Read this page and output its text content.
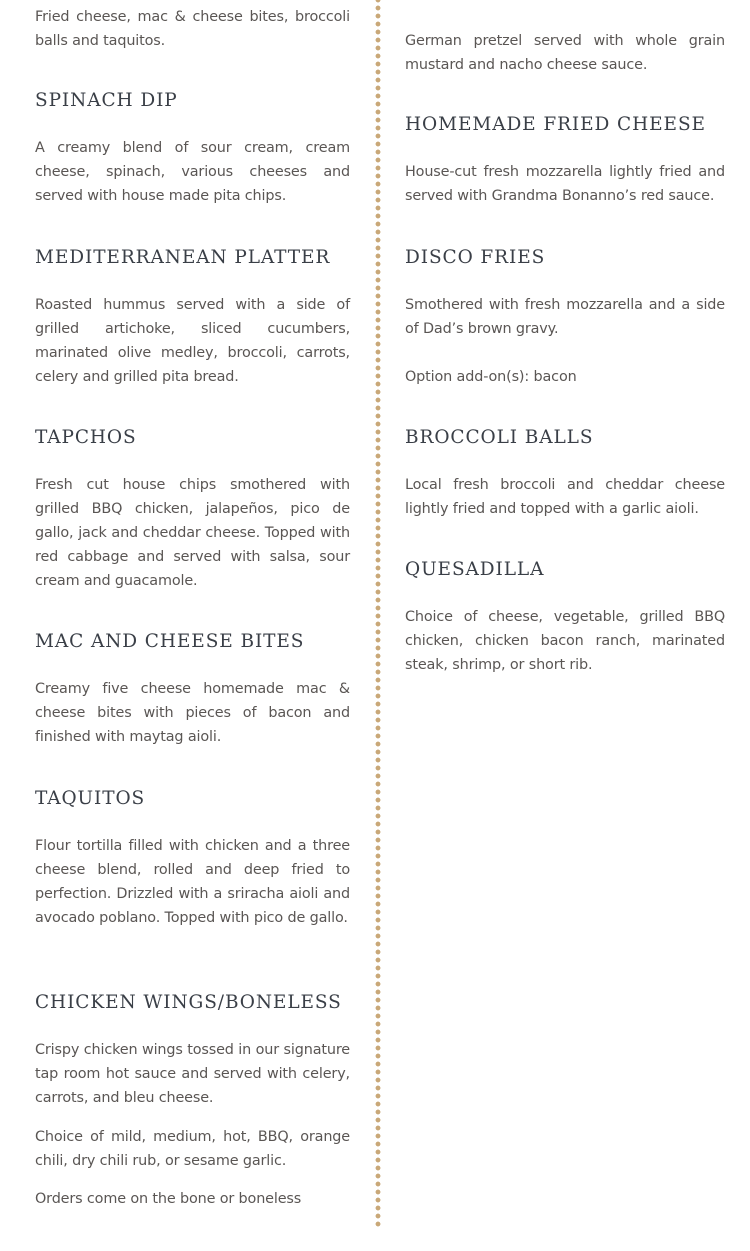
Fried cheese, mac & cheese bites, broccoli balls and taquitos.

SPINACH DIP

A creamy blend of sour cream, cream cheese, spinach, various cheeses and served with house made pita chips.

MEDITERRANEAN PLATTER

Roasted hummus served with a side of grilled artichoke, sliced cucumbers, marinated olive medley, broccoli, carrots, celery and grilled pita bread.

TAPCHOS

Fresh cut house chips smothered with grilled BBQ chicken, jalapeños, pico de gallo, jack and cheddar cheese. Topped with red cabbage and served with salsa, sour cream and guacamole.

MAC AND CHEESE BITES

Creamy five cheese homemade mac & cheese bites with pieces of bacon and finished with maytag aioli.

TAQUITOS

Flour tortilla filled with chicken and a three cheese blend, rolled and deep fried to perfection. Drizzled with a sriracha aioli and avocado poblano. Topped with pico de gallo.

CHICKEN WINGS/BONELESS

Crispy chicken wings tossed in our signature tap room hot sauce and served with celery, carrots, and bleu cheese.

Choice of mild, medium, hot, BBQ, orange chili, dry chili rub, or sesame garlic.

Orders come on the bone or boneless

German pretzel served with whole grain mustard and nacho cheese sauce.

HOMEMADE FRIED CHEESE

House-cut fresh mozzarella lightly fried and served with Grandma Bonanno’s red sauce.

DISCO FRIES

Smothered with fresh mozzarella and a side of Dad’s brown gravy.

Option add-on(s): bacon

BROCCOLI BALLS

Local fresh broccoli and cheddar cheese lightly fried and topped with a garlic aioli.

QUESADILLA

Choice of cheese, vegetable, grilled BBQ chicken, chicken bacon ranch, marinated steak, shrimp, or short rib.
